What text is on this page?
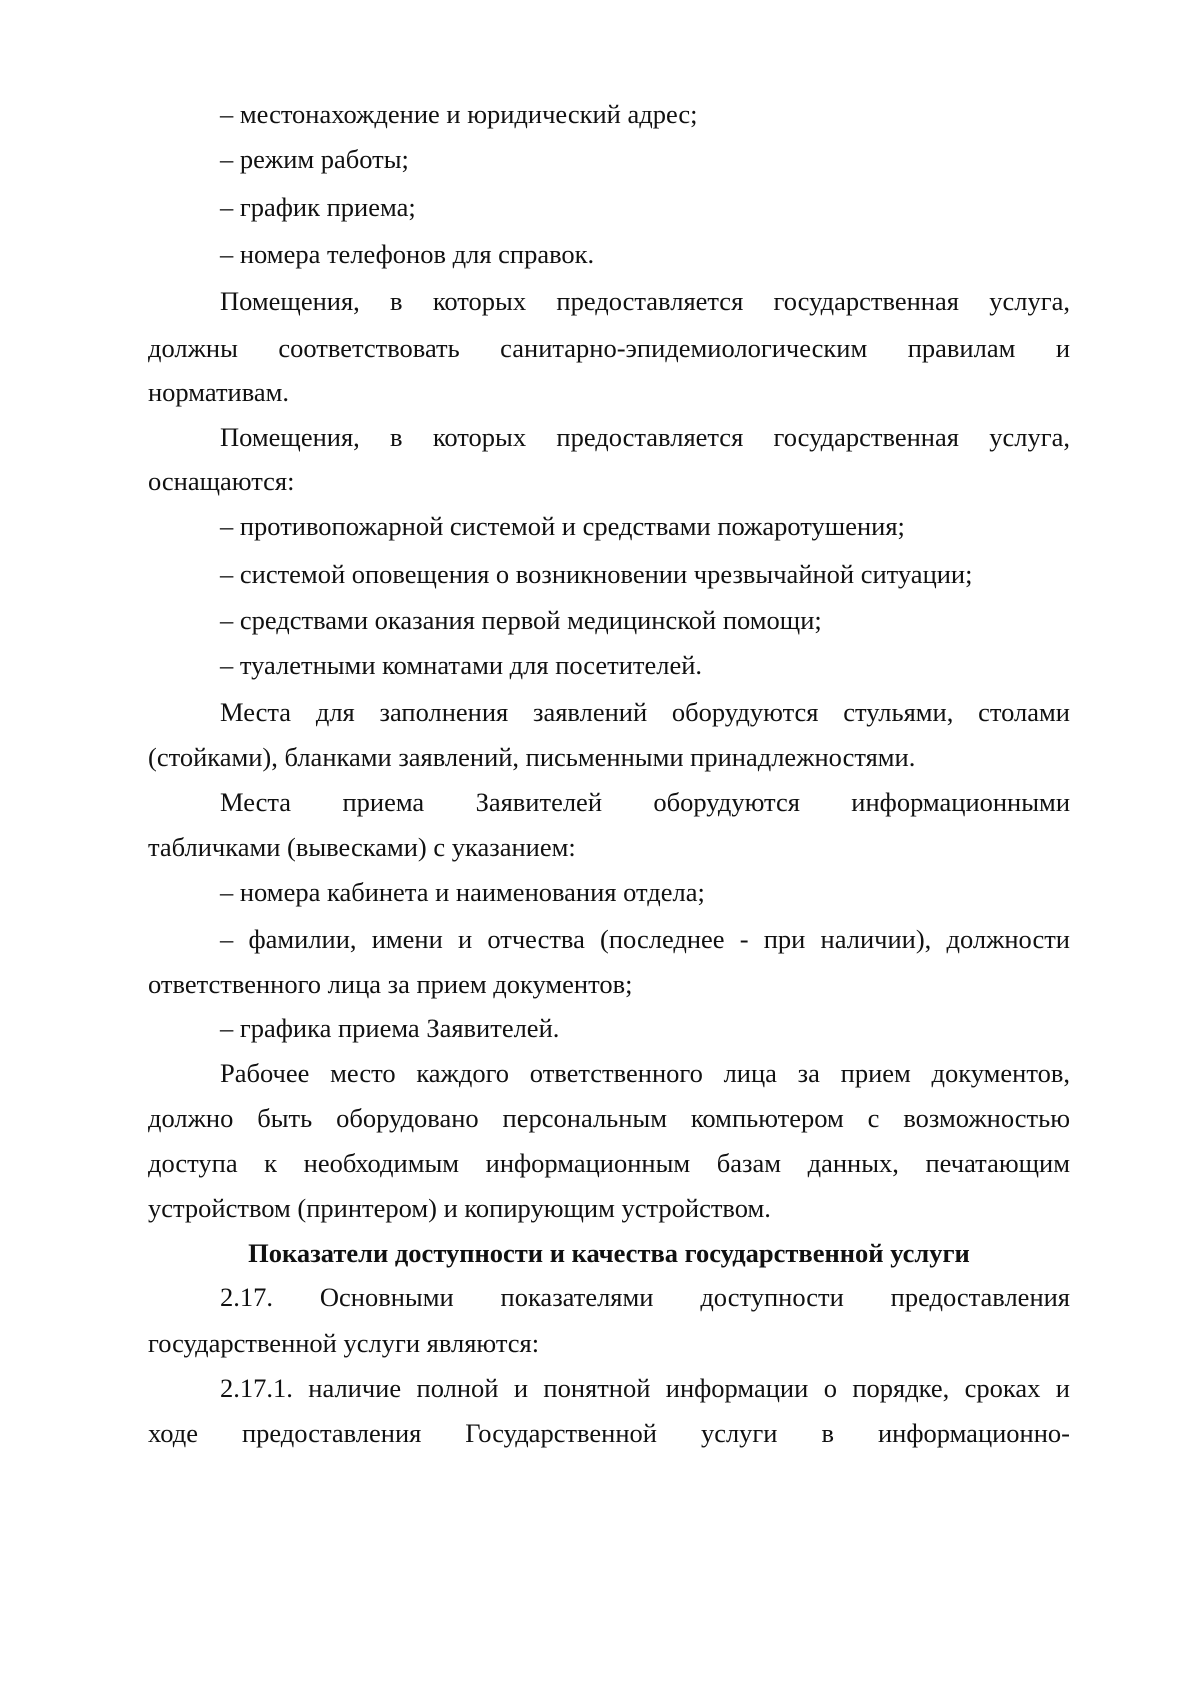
– местонахождение и юридический адрес;

– режим работы;

– график приема;

– номера телефонов для справок.

Помещения, в которых предоставляется государственная услуга,

должны соответствовать санитарно-эпидемиологическим правилам и

нормативам.

Помещения, в которых предоставляется государственная услуга,

оснащаются:

– противопожарной системой и средствами пожаротушения;

– системой оповещения о возникновении чрезвычайной ситуации;

– средствами оказания первой медицинской помощи;

– туалетными комнатами для посетителей.

Места для заполнения заявлений оборудуются стульями, столами

(стойками), бланками заявлений, письменными принадлежностями.

Места приема Заявителей оборудуются информационными

табличками (вывесками) с указанием:

– номера кабинета и наименования отдела;

– фамилии, имени и отчества (последнее - при наличии), должности

ответственного лица за прием документов;

– графика приема Заявителей.

Рабочее место каждого ответственного лица за прием документов,

должно быть оборудовано персональным компьютером с возможностью

доступа к необходимым информационным базам данных, печатающим

устройством (принтером) и копирующим устройством.

Показатели доступности и качества государственной услуги

2.17. Основными показателями доступности предоставления

государственной услуги являются:

2.17.1. наличие полной и понятной информации о порядке, сроках и

ходе предоставления Государственной услуги в информационно-
